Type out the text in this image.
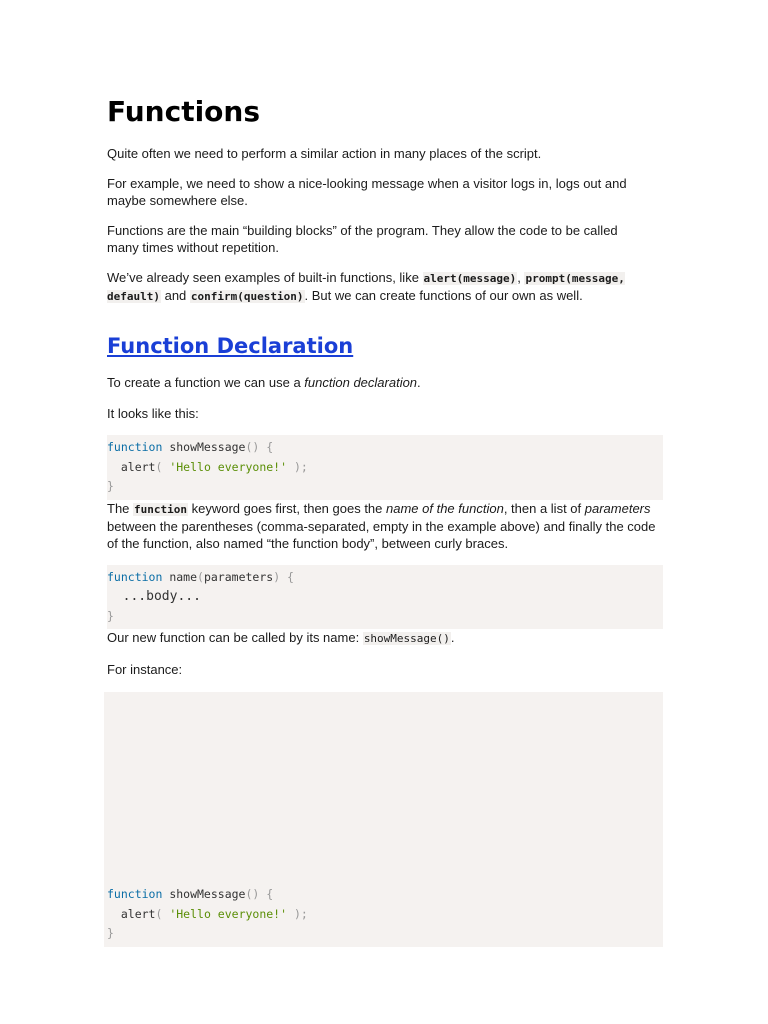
Functions

Quite often we need to perform a similar action in many places of the script.

For example, we need to show a nice-looking message when a visitor logs in, logs out and maybe somewhere else.

Functions are the main “building blocks” of the program. They allow the code to be called many times without repetition.

We’ve already seen examples of built-in functions, like alert(message), prompt(message, default) and confirm(question). But we can create functions of our own as well.

Function Declaration

To create a function we can use a function declaration.

It looks like this:

function showMessage() {
alert( 'Hello everyone!' );
}

The function keyword goes first, then goes the name of the function, then a list of parameters between the parentheses (comma-separated, empty in the example above) and finally the code of the function, also named “the function body”, between curly braces.

function name(parameters) {
...body...
}

Our new function can be called by its name: showMessage().

For instance:

function showMessage() {
alert( 'Hello everyone!' );
}
